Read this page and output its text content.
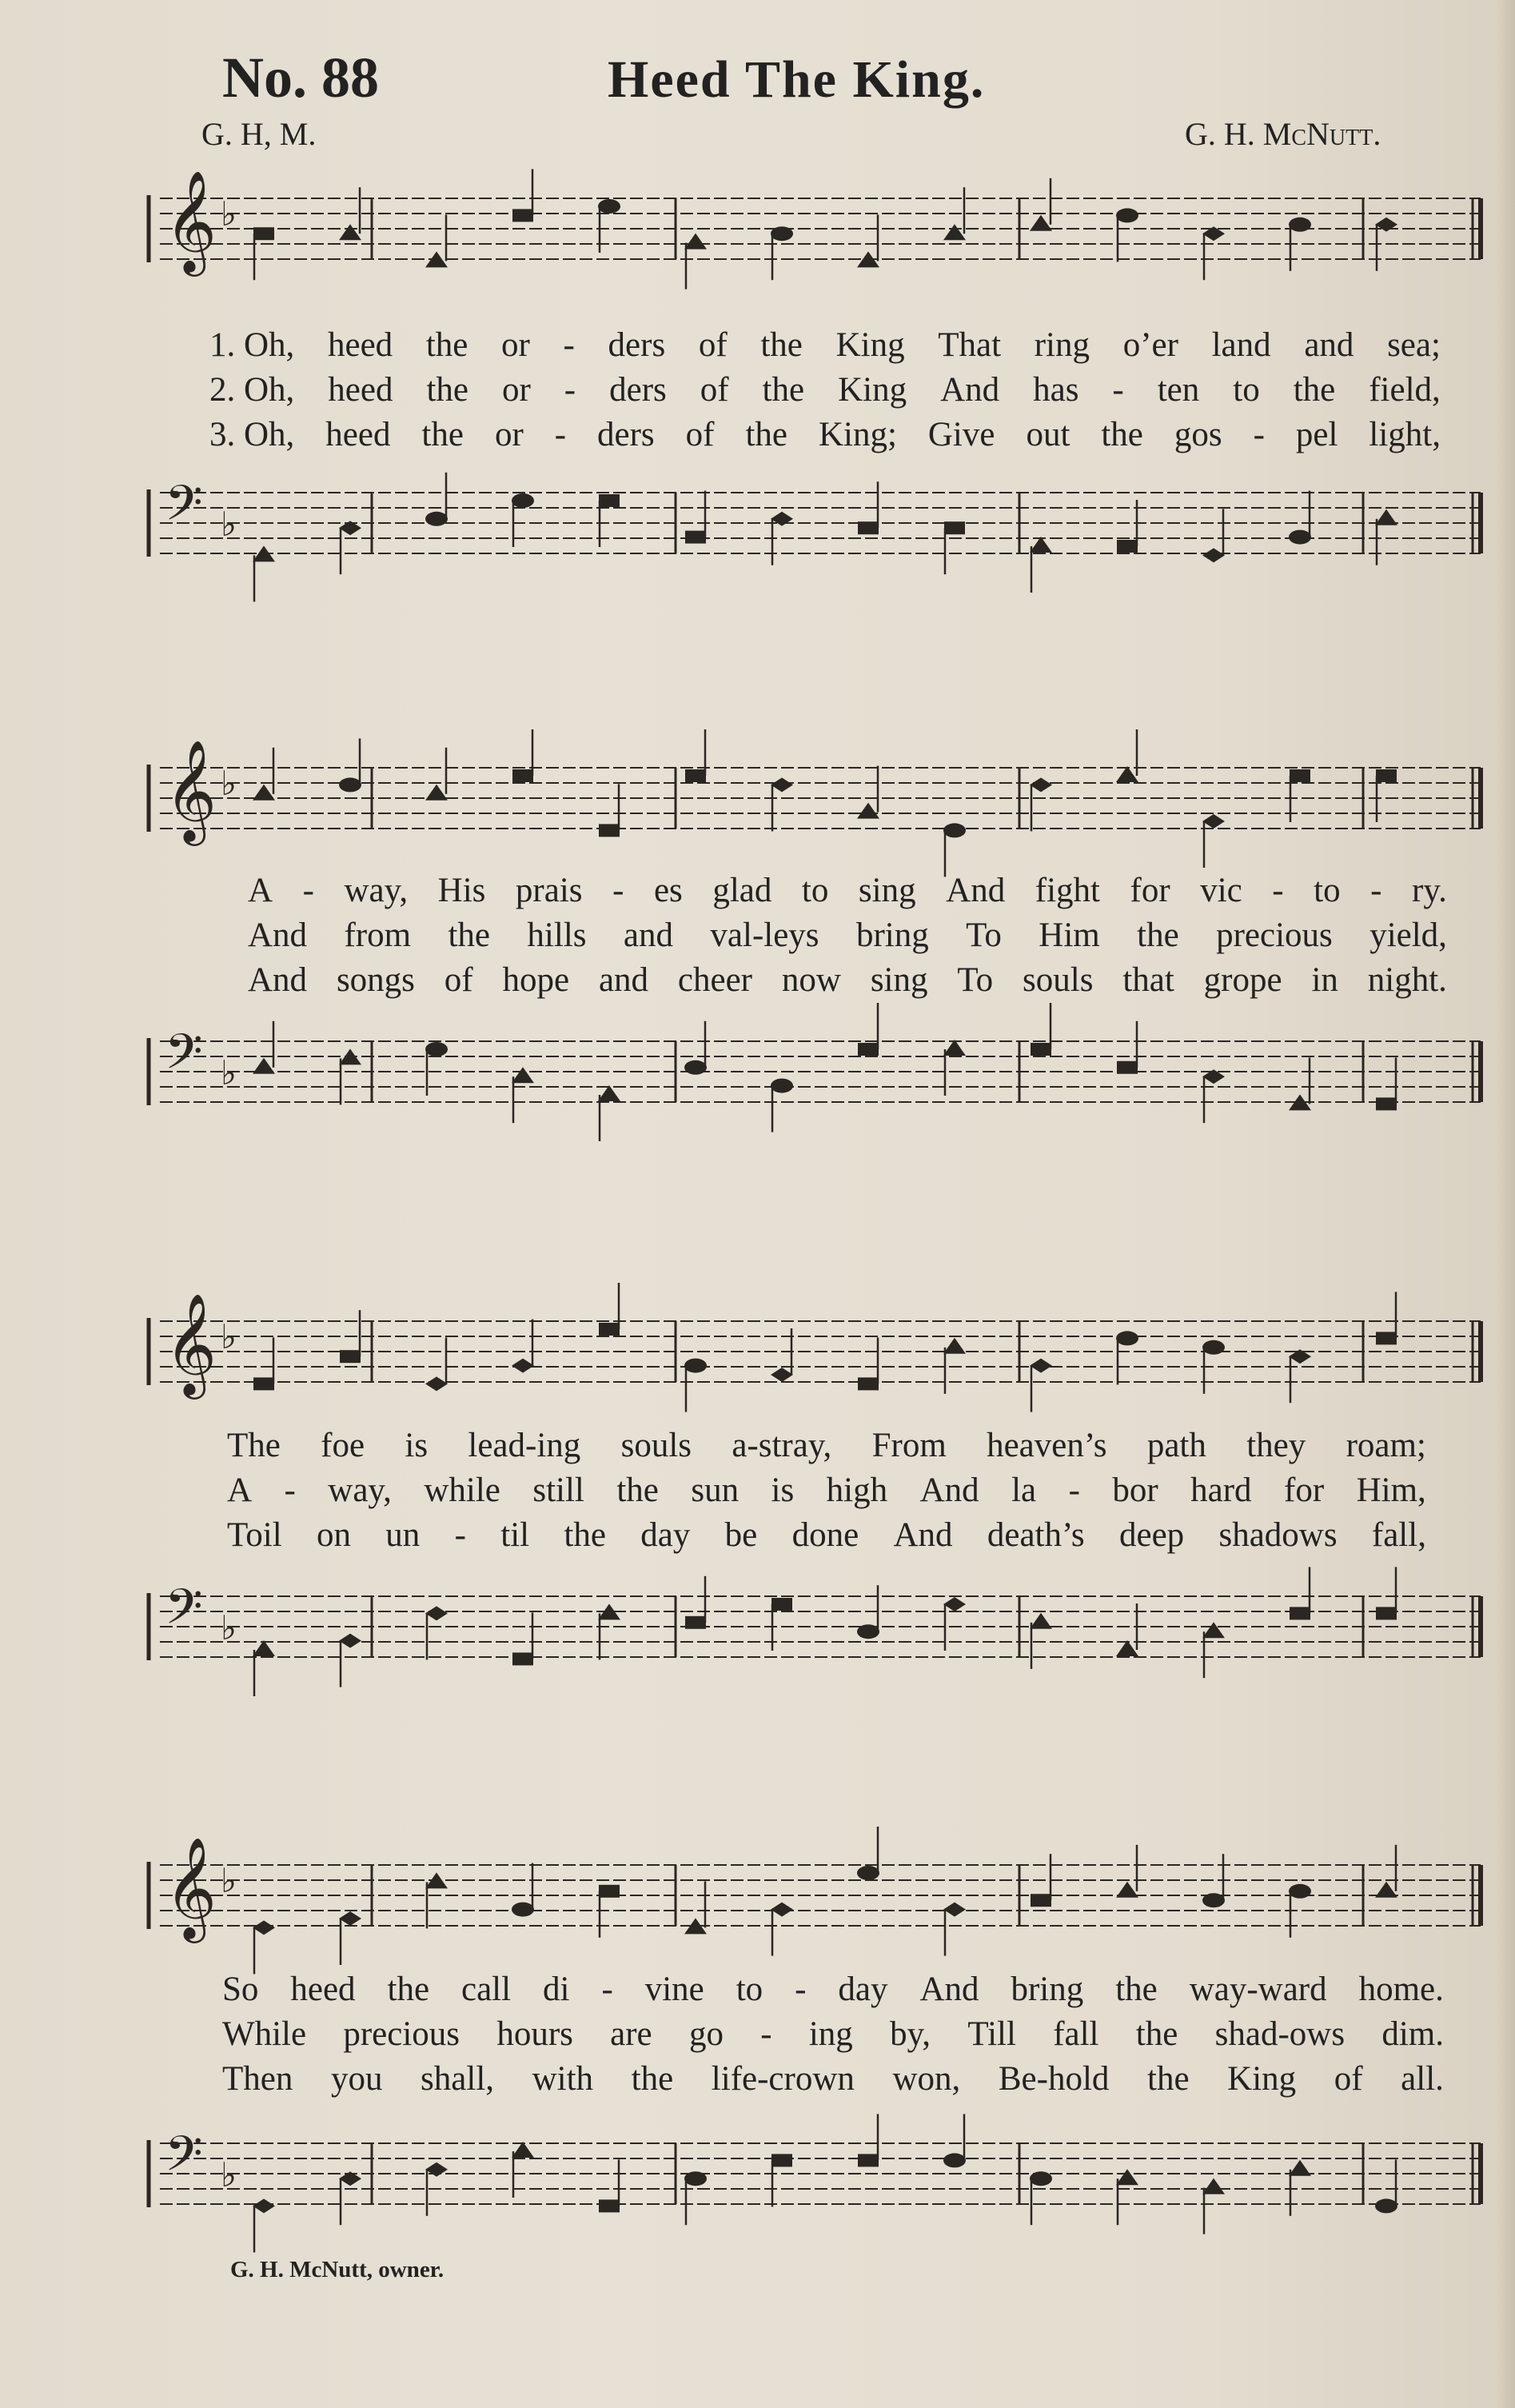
No. 88	Heed The King.
G. H, M.	G. H. McNutt.
𝄞 ♭
1. Oh, heed the or - ders of the King That ring o’er land and sea;
2. Oh, heed the or - ders of the King And has - ten to the field,
3. Oh, heed the or - ders of the King; Give out the gos - pel light,
𝄢 ♭
𝄞 ♭
A - way, His prais - es glad to sing And fight for vic - to - ry.
And from the hills and val-leys bring To Him the precious yield,
And songs of hope and cheer now sing To souls that grope in night.
𝄢 ♭
𝄞 ♭
The foe is lead-ing souls a-stray, From heaven’s path they roam;
A - way, while still the sun is high And la - bor hard for Him,
Toil on un - til the day be done And death’s deep shadows fall,
𝄢 ♭
𝄞 ♭
So heed the call di - vine to - day And bring the way-ward home.
While precious hours are go - ing by, Till fall the shad-ows dim.
Then you shall, with the life-crown won, Be-hold the King of all.
𝄢 ♭
G. H. McNutt, owner.
